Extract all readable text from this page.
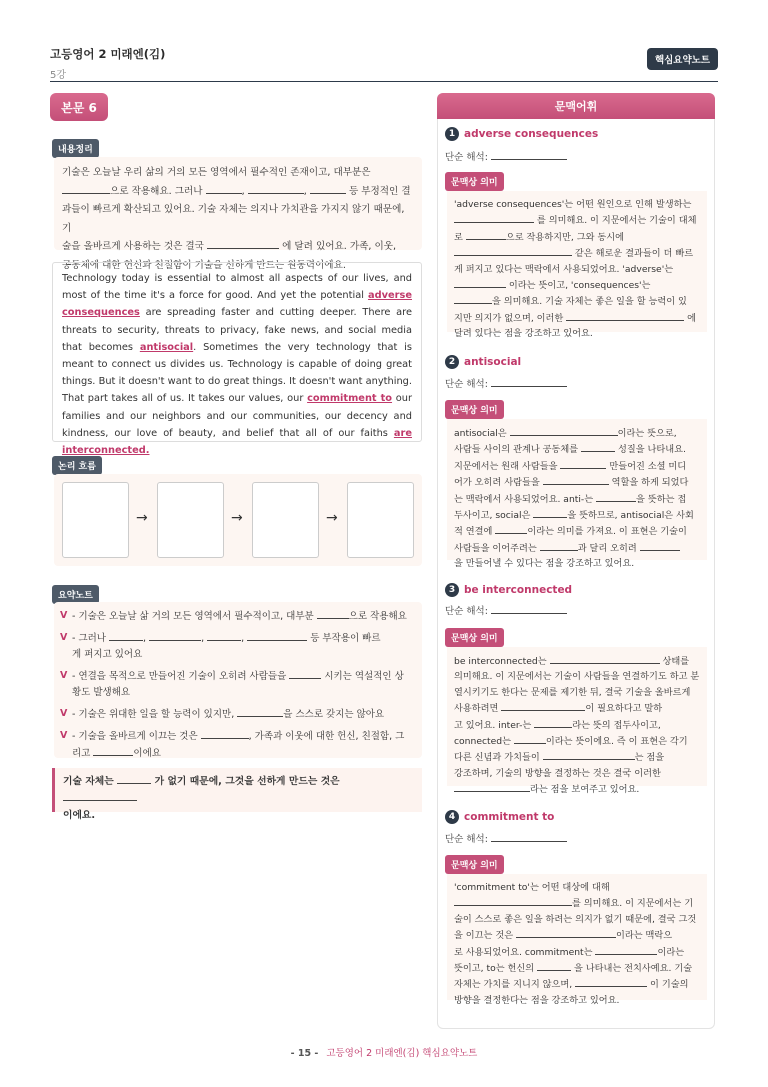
고등영어 2 미래엔(김)
5강
핵심요약노트
본문 6
내용정리
기술은 오늘날 우리 삶의 거의 모든 영역에서 필수적인 존재이고, 대부분은
으로 작용해요. 그러나	,	,	등 부정적인 결
과들이 빠르게 확산되고 있어요. 기술 자체는 의지나 가치관을 가지지 않기 때문에, 기
술을 올바르게 사용하는 것은 결국	에 달려 있어요. 가족, 이웃,
공동체에 대한 헌신과 친절함이 기술을 선하게 만드는 원동력이에요.
Technology today is essential to almost all aspects of our lives, and most of the time it's a force for good. And yet the potential adverse consequences are spreading faster and cutting deeper. There are threats to security, threats to privacy, fake news, and social media that becomes antisocial. Sometimes the very technology that is meant to connect us divides us. Technology is capable of doing great things. But it doesn't want to do great things. It doesn't want anything. That part takes all of us. It takes our values, our commitment to our families and our neighbors and our communities, our decency and kindness, our love of beauty, and belief that all of our faiths are interconnected.
논리 흐름
→	→	→
요약노트
V - 기술은 오늘날 삶 거의 모든 영역에서 필수적이고, 대부분	으로 작용해요
V - 그러나	,	,	,	등 부작용이 빠르
게 퍼지고 있어요
V - 연결을 목적으로 만들어진 기술이 오히려 사람들을	시키는 역설적인 상
황도 발생해요
V - 기술은 위대한 일을 할 능력이 있지만,	을 스스로 갖지는 않아요
V - 기술을 올바르게 이끄는 것은	, 가족과 이웃에 대한 헌신, 친절함, 그
리고	이에요
기술 자체는	가 없기 때문에, 그것을 선하게 만드는 것은
이에요.
문맥어휘
1 adverse consequences
단순 해석:
문맥상 의미
'adverse consequences'는 어떤 원인으로 인해 발생하는
를 의미해요. 이 지문에서는 기술이 대체
로	으로 작용하지만, 그와 동시에
같은 해로운 결과들이 더 빠르
게 퍼지고 있다는 맥락에서 사용되었어요. 'adverse'는
이라는 뜻이고, 'consequences'는
을 의미해요. 기술 자체는 좋은 일을 할 능력이 있
지만 의지가 없으며, 이러한	에
달려 있다는 점을 강조하고 있어요.
2 antisocial
단순 해석:
문맥상 의미
antisocial은	이라는 뜻으로,
사람들 사이의 관계나 공동체를	성질을 나타내요.
지문에서는 원래 사람들을	만들어진 소셜 미디
어가 오히려 사람들을	역할을 하게 되었다
는 맥락에서 사용되었어요. anti-는	을 뜻하는 접
두사이고, social은	을 뜻하므로, antisocial은 사회
적 연결에	이라는 의미를 가져요. 이 표현은 기술이
사람들을 이어주려는	과 달리 오히려
을 만들어낼 수 있다는 점을 강조하고 있어요.
3 be interconnected
단순 해석:
문맥상 의미
be interconnected는	상태를
의미해요. 이 지문에서는 기술이 사람들을 연결하기도 하고 분
열시키기도 한다는 문제를 제기한 뒤, 결국 기술을 올바르게
사용하려면	이 필요하다고 말하
고 있어요. inter-는	라는 뜻의 접두사이고,
connected는	이라는 뜻이에요. 즉 이 표현은 각기
다른 신념과 가치들이	는 점을
강조하며, 기술의 방향을 결정하는 것은 결국 이러한
라는 점을 보여주고 있어요.
4 commitment to
단순 해석:
문맥상 의미
'commitment to'는 어떤 대상에 대해
를 의미해요. 이 지문에서는 기
술이 스스로 좋은 일을 하려는 의지가 없기 때문에, 결국 그것
을 이끄는 것은	이라는 맥락으
로 사용되었어요. commitment는	이라는
뜻이고, to는 헌신의	을 나타내는 전치사예요. 기술
자체는 가치를 지니지 않으며,	이 기술의
방향을 결정한다는 점을 강조하고 있어요.
- 15 - 고등영어 2 미래엔(김) 핵심요약노트
